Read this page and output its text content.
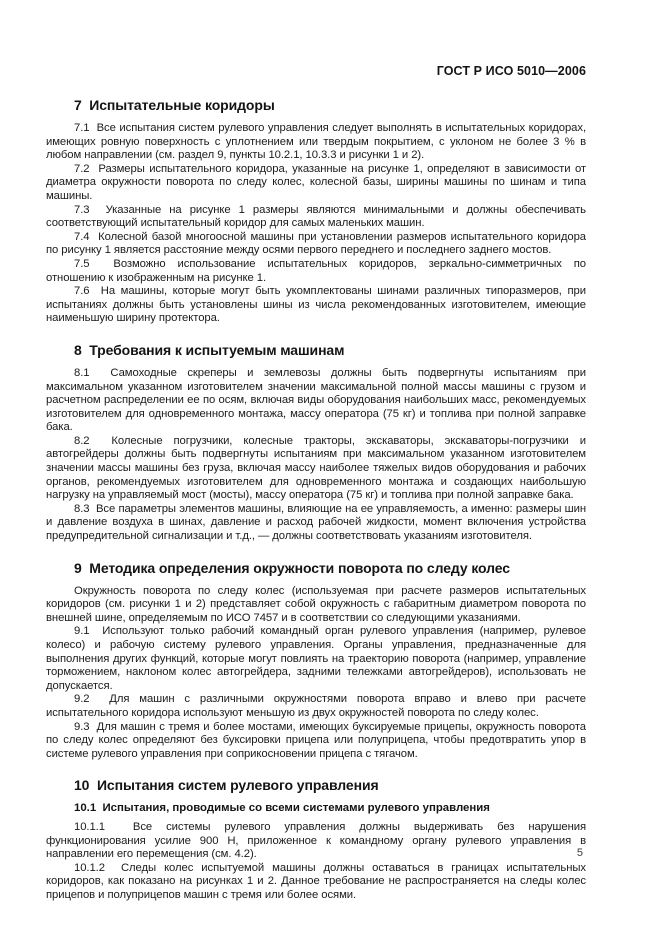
ГОСТ Р ИСО 5010—2006
7  Испытательные коридоры

7.1  Все испытания систем рулевого управления следует выполнять в испытательных коридорах, имеющих ровную поверхность с уплотнением или твердым покрытием, с уклоном не более 3 % в любом направлении (см. раздел 9, пункты 10.2.1, 10.3.3 и рисунки 1 и 2).

7.2  Размеры испытательного коридора, указанные на рисунке 1, определяют в зависимости от диаметра окружности поворота по следу колес, колесной базы, ширины машины по шинам и типа машины.

7.3  Указанные на рисунке 1 размеры являются минимальными и должны обеспечивать соответствующий испытательный коридор для самых маленьких машин.

7.4  Колесной базой многоосной машины при установлении размеров испытательного коридора по рисунку 1 является расстояние между осями первого переднего и последнего заднего мостов.

7.5  Возможно использование испытательных коридоров, зеркально-симметричных по отношению к изображенным на рисунке 1.

7.6  На машины, которые могут быть укомплектованы шинами различных типоразмеров, при испытаниях должны быть установлены шины из числа рекомендованных изготовителем, имеющие наименьшую ширину протектора.

8  Требования к испытуемым машинам

8.1  Самоходные скреперы и землевозы должны быть подвергнуты испытаниям при максимальном указанном изготовителем значении максимальной полной массы машины с грузом и расчетном распределении ее по осям, включая виды оборудования наибольших масс, рекомендуемых изготовителем для одновременного монтажа, массу оператора (75 кг) и топлива при полной заправке бака.

8.2  Колесные погрузчики, колесные тракторы, экскаваторы, экскаваторы-погрузчики и автогрейдеры должны быть подвергнуты испытаниям при максимальном указанном изготовителем значении массы машины без груза, включая массу наиболее тяжелых видов оборудования и рабочих органов, рекомендуемых изготовителем для одновременного монтажа и создающих наибольшую нагрузку на управляемый мост (мосты), массу оператора (75 кг) и топлива при полной заправке бака.

8.3  Все параметры элементов машины, влияющие на ее управляемость, а именно: размеры шин и давление воздуха в шинах, давление и расход рабочей жидкости, момент включения устройства предупредительной сигнализации и т.д., — должны соответствовать указаниям изготовителя.

9  Методика определения окружности поворота по следу колес

Окружность поворота по следу колес (используемая при расчете размеров испытательных коридоров (см. рисунки 1 и 2) представляет собой окружность с габаритным диаметром поворота по внешней шине, определяемым по ИСО 7457 и в соответствии со следующими указаниями.

9.1  Используют только рабочий командный орган рулевого управления (например, рулевое колесо) и рабочую систему рулевого управления. Органы управления, предназначенные для выполнения других функций, которые могут повлиять на траекторию поворота (например, управление торможением, наклоном колес автогрейдера, задними тележками автогрейдеров), использовать не допускается.

9.2  Для машин с различными окружностями поворота вправо и влево при расчете испытательного коридора используют меньшую из двух окружностей поворота по следу колес.

9.3  Для машин с тремя и более мостами, имеющих буксируемые прицепы, окружность поворота по следу колес определяют без буксировки прицепа или полуприцепа, чтобы предотвратить упор в системе рулевого управления при соприкосновении прицепа с тягачом.

10  Испытания систем рулевого управления
10.1  Испытания, проводимые со всеми системами рулевого управления

10.1.1  Все системы рулевого управления должны выдерживать без нарушения функционирования усилие 900 Н, приложенное к командному органу рулевого управления в направлении его перемещения (см. 4.2).

10.1.2  Следы колес испытуемой машины должны оставаться в границах испытательных коридоров, как показано на рисунках 1 и 2. Данное требование не распространяется на следы колес прицепов и полуприцепов машин с тремя или более осями.

5
